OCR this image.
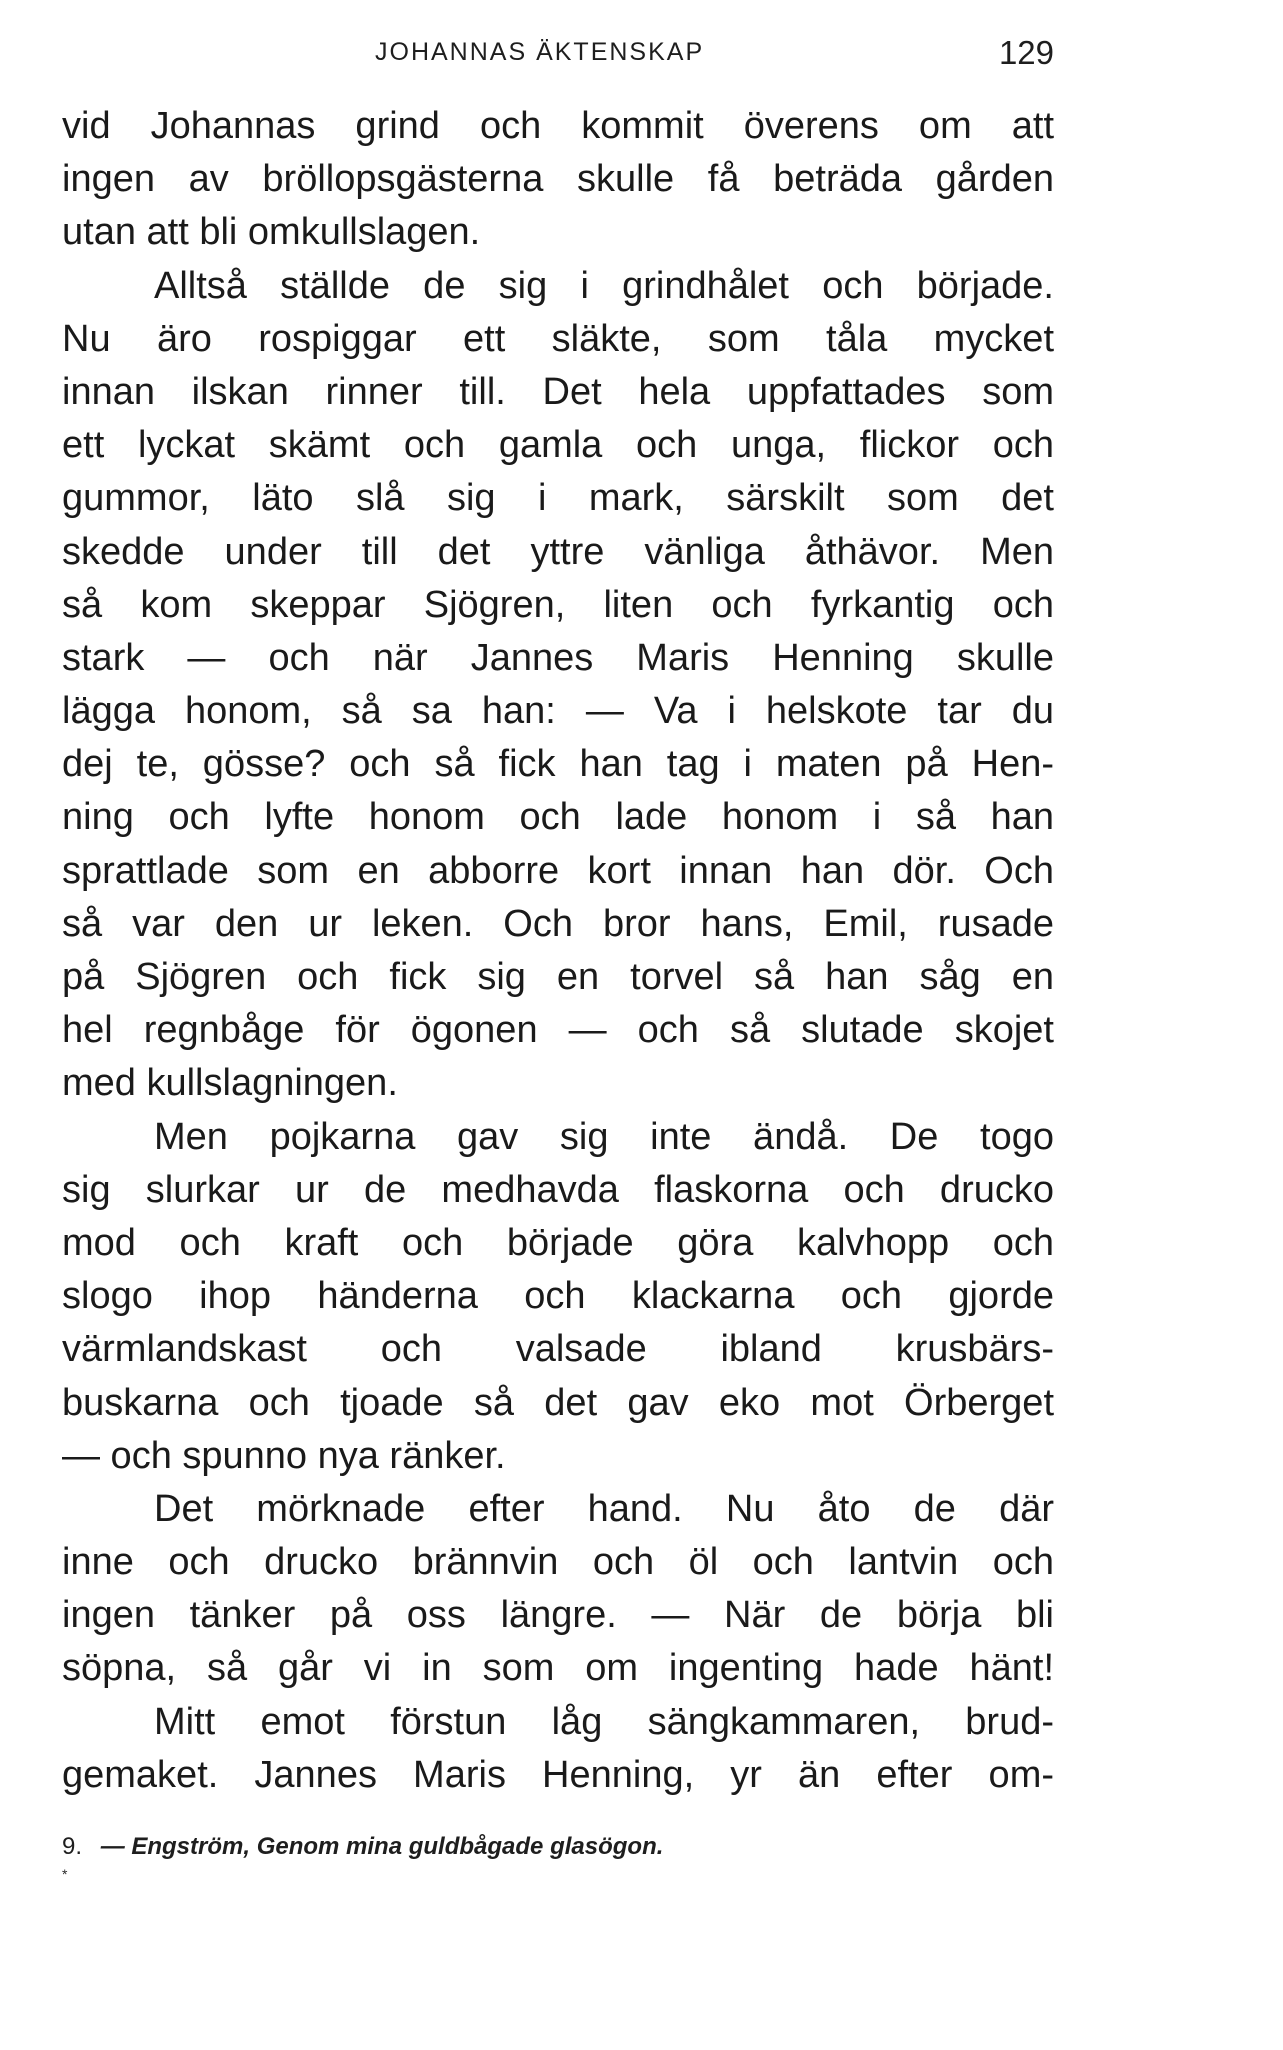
JOHANNAS ÄKTENSKAP	129
vid Johannas grind och kommit överens om att
ingen av bröllopsgästerna skulle få beträda gården
utan att bli omkullslagen.
Alltså ställde de sig i grindhålet och började.
Nu äro rospiggar ett släkte, som tåla mycket
innan ilskan rinner till. Det hela uppfattades som
ett lyckat skämt och gamla och unga, flickor och
gummor, läto slå sig i mark, särskilt som det
skedde under till det yttre vänliga åthävor. Men
så kom skeppar Sjögren, liten och fyrkantig och
stark — och när Jannes Maris Henning skulle
lägga honom, så sa han: — Va i helskote tar du
dej te, gösse? och så fick han tag i maten på Hen-
ning och lyfte honom och lade honom i så han
sprattlade som en abborre kort innan han dör. Och
så var den ur leken. Och bror hans, Emil, rusade
på Sjögren och fick sig en torvel så han såg en
hel regnbåge för ögonen — och så slutade skojet
med kullslagningen.
Men pojkarna gav sig inte ändå. De togo
sig slurkar ur de medhavda flaskorna och drucko
mod och kraft och började göra kalvhopp och
slogo ihop händerna och klackarna och gjorde
värmlandskast och valsade ibland krusbärs-
buskarna och tjoade så det gav eko mot Örberget
— och spunno nya ränker.
Det mörknade efter hand. Nu åto de där
inne och drucko brännvin och öl och lantvin och
ingen tänker på oss längre. — När de börja bli
söpna, så går vi in som om ingenting hade hänt!
Mitt emot förstun låg sängkammaren, brud-
gemaket. Jannes Maris Henning, yr än efter om-
9. — Engström, Genom mina guldbågade glasögon.
*
